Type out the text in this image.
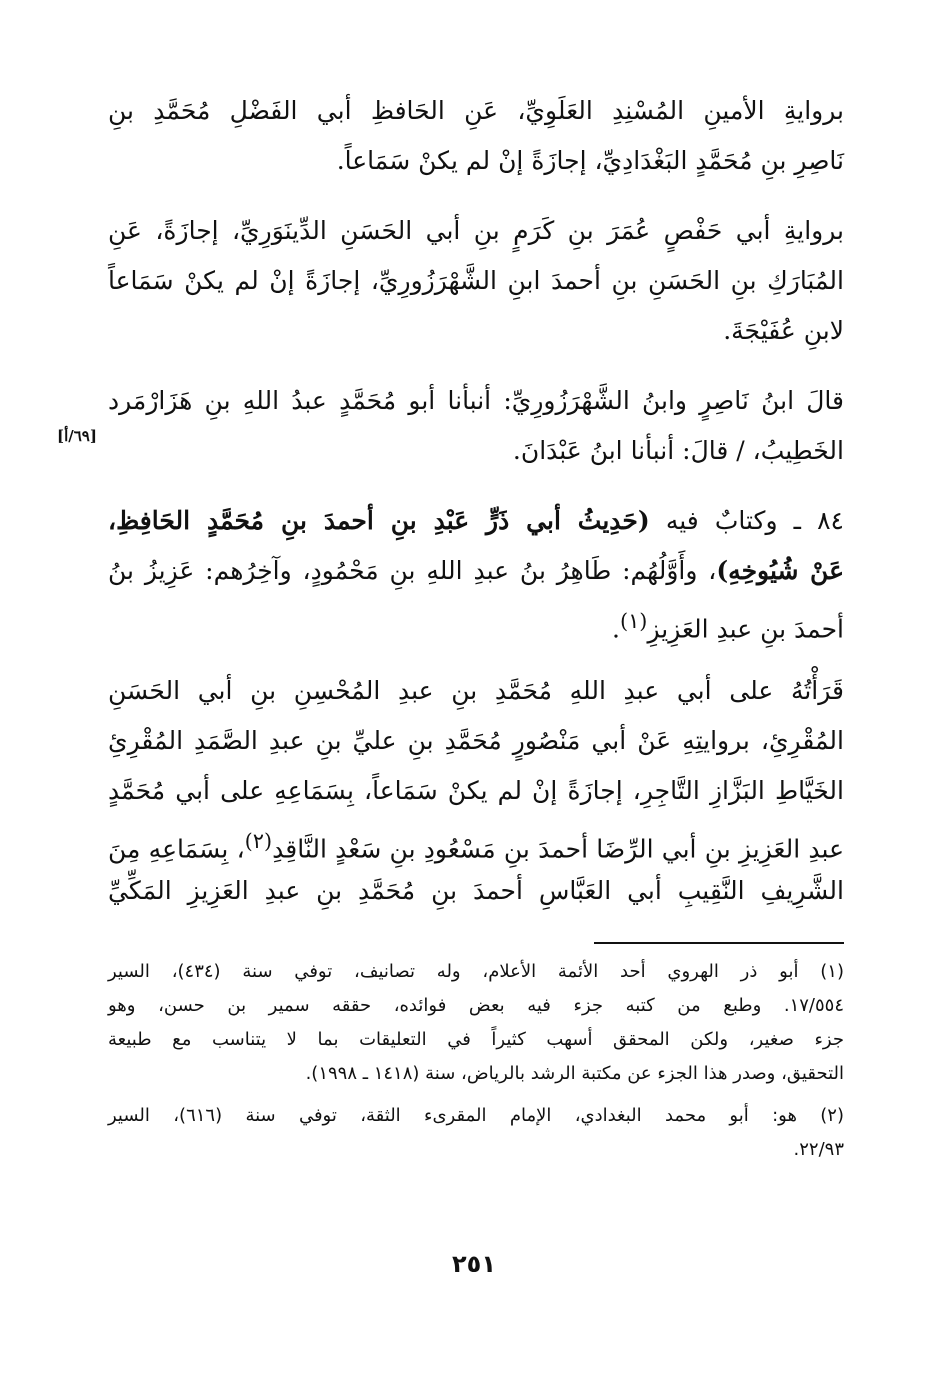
بروايةِ الأمينِ المُسْنِدِ العَلَوِيِّ، عَنِ الحَافظِ أبي الفَضْلِ مُحَمَّدِ بنِ
نَاصِرِ بنِ مُحَمَّدٍ البَغْدَادِيِّ، إجازَةً إنْ لم يكنْ سَمَاعاً.
بروايةِ أبي حَفْصٍ عُمَرَ بنِ كَرَمٍ بنِ أبي الحَسَنِ الدِّينَوَرِيِّ، إجازَةً، عَنِ
المُبَارَكِ بنِ الحَسَنِ بنِ أحمدَ ابنِ الشَّهْرَزُورِيِّ، إجازَةً إنْ لم يكنْ سَمَاعاً
لابنِ عُفَيْجَةَ.
قالَ ابنُ نَاصِرٍ وابنُ الشَّهْرَزُورِيِّ: أنبأنا أبو مُحَمَّدٍ عبدُ اللهِ بنِ هَزَارْمَرد
الخَطِيبُ، / قالَ: أنبأنا ابنُ عَبْدَانَ.
٨٤ ـ وكتابٌ فيه (حَدِيثُ أبي ذَرٍّ عَبْدِ بنِ أحمدَ بنِ مُحَمَّدٍ الحَافِظِ،
عَنْ شُيُوخِهِ)، وأَوَّلُهُم: طَاهِرُ بنُ عبدِ اللهِ بنِ مَحْمُودٍ، وآخِرُهم: عَزِيزُ بنُ
أحمدَ بنِ عبدِ العَزِيزِ$^{(١)}$.
قَرَأْتُهُ على أبي عبدِ اللهِ مُحَمَّدِ بنِ عبدِ المُحْسِنِ بنِ أبي الحَسَنِ
المُقْرِئِ، بروايتِهِ عَنْ أبي مَنْصُورٍ مُحَمَّدِ بنِ عليِّ بنِ عبدِ الصَّمَدِ المُقْرِئِ
الخَيَّاطِ البَزَّازِ التَّاجِرِ، إجازَةً إنْ لم يكنْ سَمَاعاً، بِسَمَاعِهِ على أبي مُحَمَّدٍ
عبدِ العَزِيزِ بنِ أبي الرِّضَا أحمدَ بنِ مَسْعُودِ بنِ سَعْدٍ النَّاقِدِ$^{(٢)}$، بِسَمَاعِهِ مِنَ
الشَّرِيفِ النَّقِيبِ أبي العَبَّاسِ أحمدَ بنِ مُحَمَّدِ بنِ عبدِ العَزِيزِ المَكِّيِّ
[٦٩/أ]
(١) أبو ذر الهروي أحد الأئمة الأعلام، وله تصانيف، توفي سنة (٤٣٤)، السير
١٧/٥٥٤. وطبع من كتبه جزء فيه بعض فوائده، حققه سمير بن حسن، وهو
جزء صغير، ولكن المحقق أسهب كثيراً في التعليقات بما لا يتناسب مع طبيعة
التحقيق، وصدر هذا الجزء عن مكتبة الرشد بالرياض، سنة (١٤١٨ ـ ١٩٩٨).
(٢) هو: أبو محمد البغدادي، الإمام المقرىء الثقة، توفي سنة (٦١٦)، السير
٢٢/٩٣.
٢٥١
